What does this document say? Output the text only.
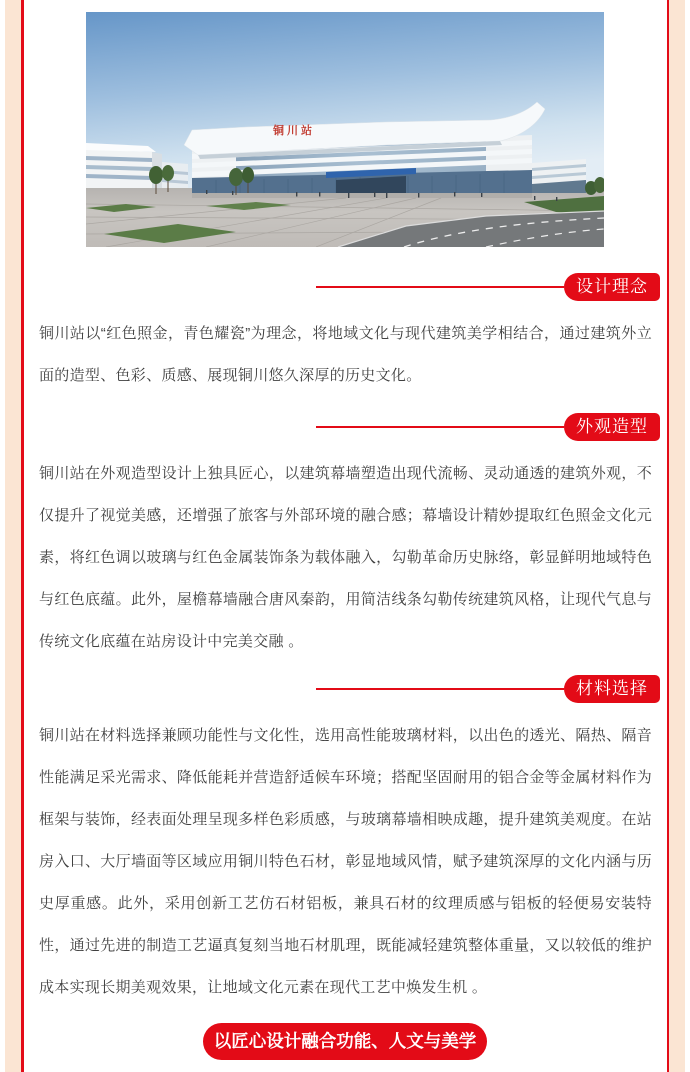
铜川站
设计理念

铜川站以“红色照金，青色耀瓷”为理念，将地域文化与现代建筑美学相结合，通过建筑外立面的造型、色彩、质感、展现铜川悠久深厚的历史文化。

外观造型

铜川站在外观造型设计上独具匠心，以建筑幕墙塑造出现代流畅、灵动通透的建筑外观，不仅提升了视觉美感，还增强了旅客与外部环境的融合感；幕墙设计精妙提取红色照金文化元素，将红色调以玻璃与红色金属装饰条为载体融入，勾勒革命历史脉络，彰显鲜明地域特色与红色底蕴。此外，屋檐幕墙融合唐风秦韵，用简洁线条勾勒传统建筑风格，让现代气息与传统文化底蕴在站房设计中完美交融 。

材料选择

铜川站在材料选择兼顾功能性与文化性，选用高性能玻璃材料，以出色的透光、隔热、隔音性能满足采光需求、降低能耗并营造舒适候车环境；搭配坚固耐用的铝合金等金属材料作为框架与装饰，经表面处理呈现多样色彩质感，与玻璃幕墙相映成趣，提升建筑美观度。在站房入口、大厅墙面等区域应用铜川特色石材，彰显地域风情，赋予建筑深厚的文化内涵与历史厚重感。此外，采用创新工艺仿石材铝板，兼具石材的纹理质感与铝板的轻便易安装特性，通过先进的制造工艺逼真复刻当地石材肌理，既能减轻建筑整体重量，又以较低的维护成本实现长期美观效果，让地域文化元素在现代工艺中焕发生机 。

以匠心设计融合功能、人文与美学
